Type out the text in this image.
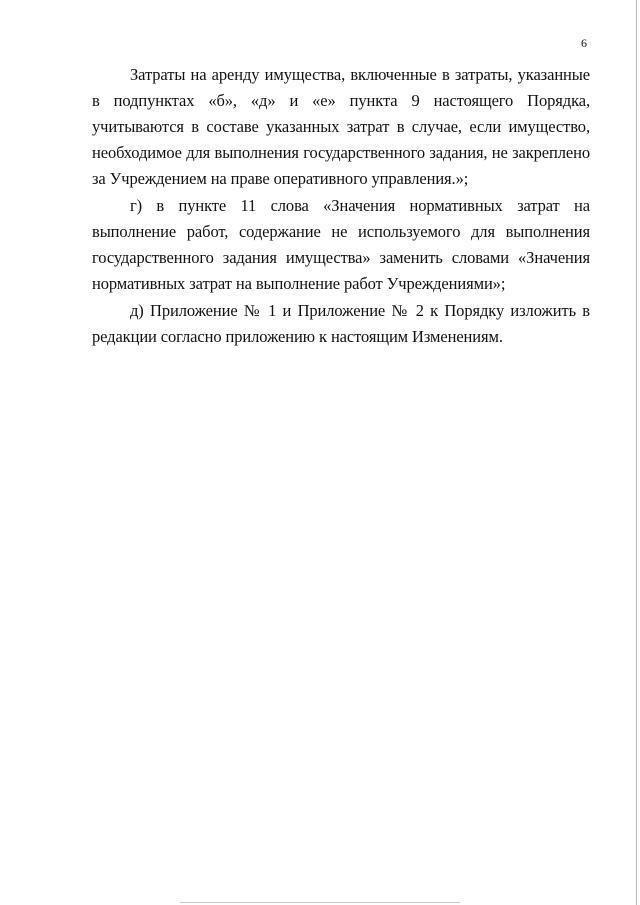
6

Затраты на аренду имущества, включенные в затраты, указанные в подпунктах «б», «д» и «е» пункта 9 настоящего Порядка, учитываются в составе указанных затрат в случае, если имущество, необходимое для выполнения государственного задания, не закреплено за Учреждением на праве оперативного управления.»;

г) в пункте 11 слова «Значения нормативных затрат на выполнение работ, содержание не используемого для выполнения государственного задания имущества» заменить словами «Значения нормативных затрат на выполнение работ Учреждениями»;

д) Приложение № 1 и Приложение № 2 к Порядку изложить в редакции согласно приложению к настоящим Изменениям.
